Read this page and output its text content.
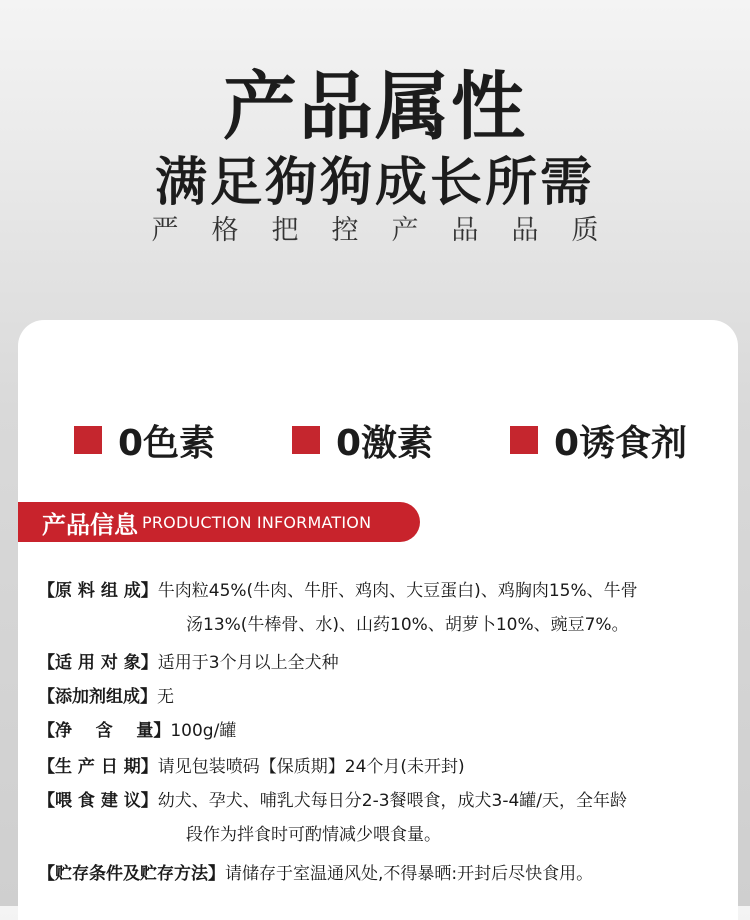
产品属性
满足狗狗成长所需
严格把控产品品质
0色素	0激素	0诱食剂
产品信息 PRODUCTION INFORMATION
【原 料 组 成】牛肉粒45%(牛肉、牛肝、鸡肉、大豆蛋白)、鸡胸肉15%、牛骨
汤13%(牛棒骨、水)、山药10%、胡萝卜10%、豌豆7%。
【适 用 对 象】适用于3个月以上全犬种
【添加剂组成】无
【净    含    量】100g/罐
【生 产 日 期】请见包装喷码【保质期】24个月(未开封)
【喂 食 建 议】幼犬、孕犬、哺乳犬每日分2-3餐喂食，成犬3-4罐/天，全年龄
段作为拌食时可酌情减少喂食量。
【贮存条件及贮存方法】请储存于室温通风处,不得暴晒:开封后尽快食用。
